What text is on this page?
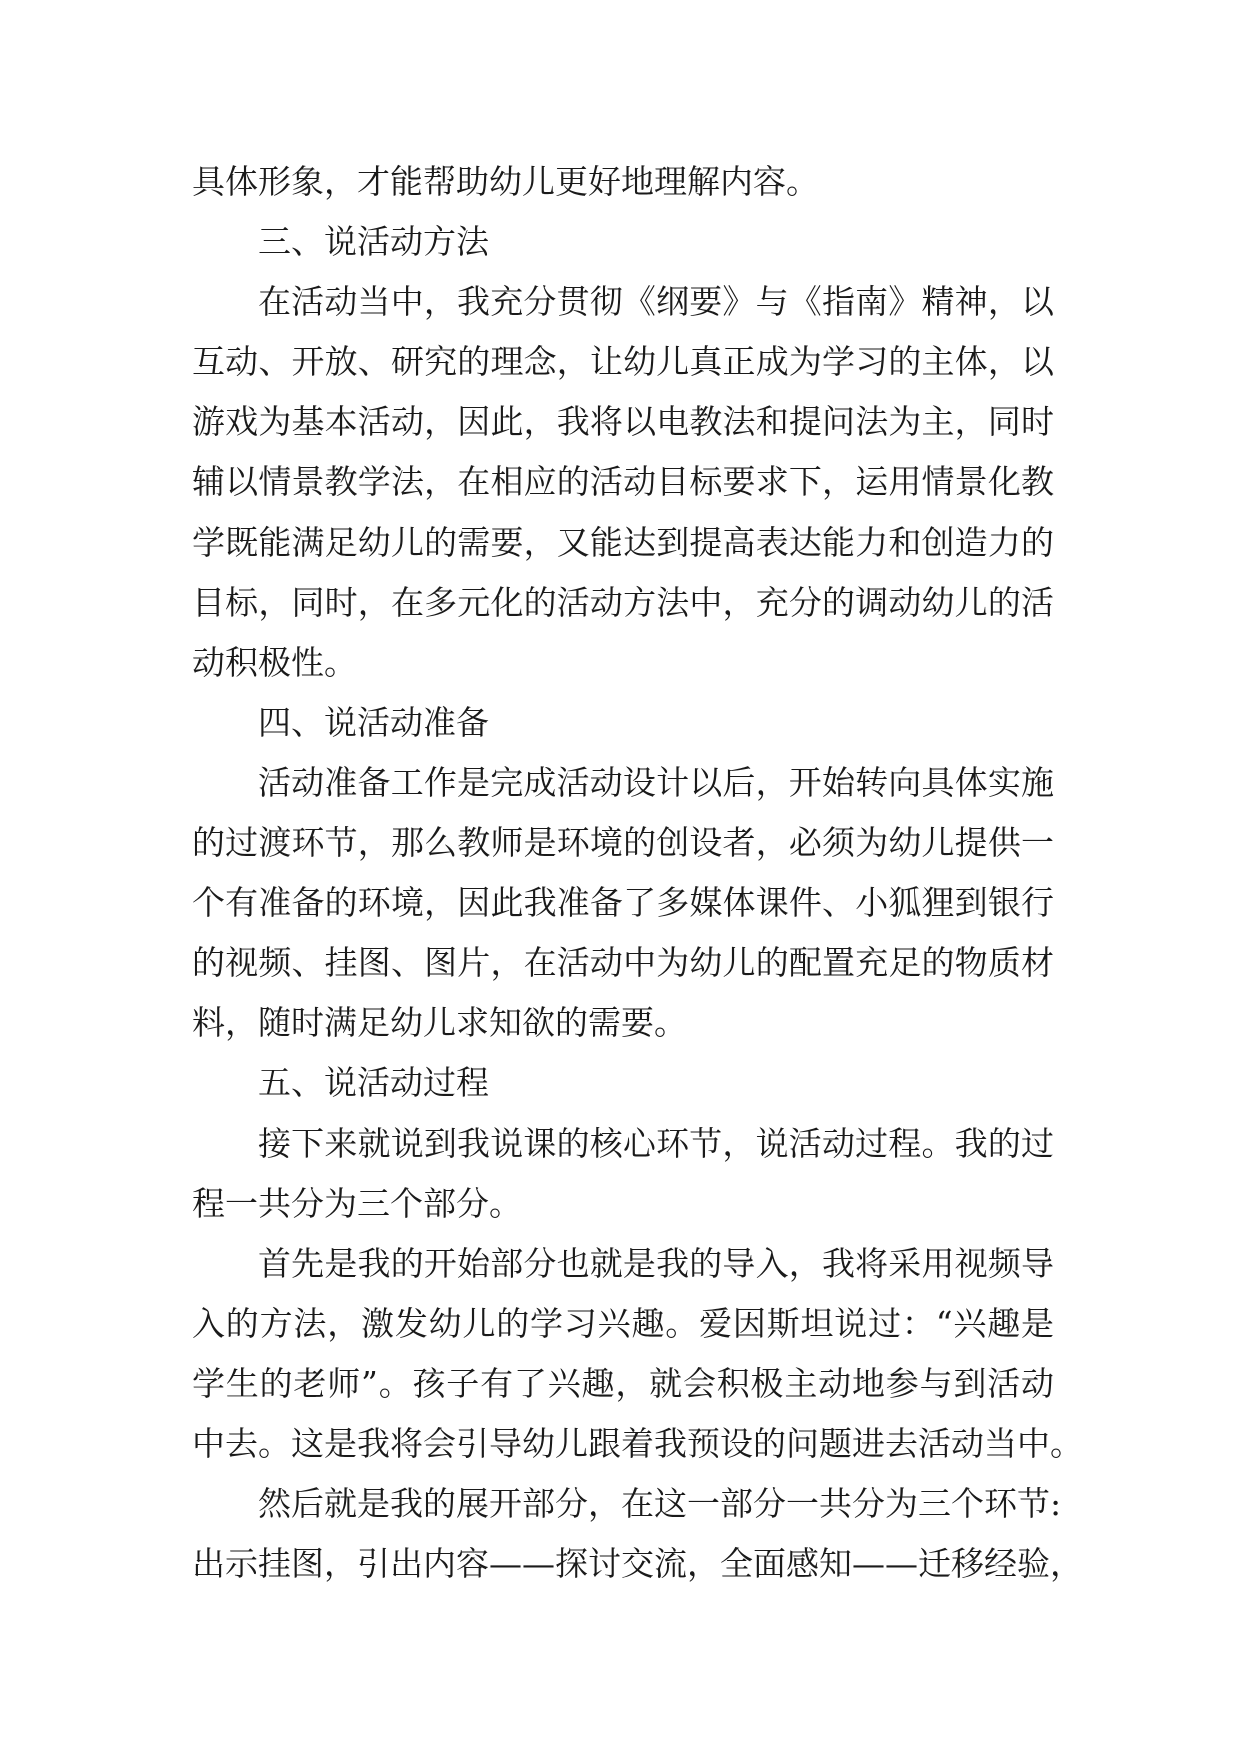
具体形象，才能帮助幼儿更好地理解内容。
三、说活动方法
在活动当中，我充分贯彻《纲要》与《指南》精神，以
互动、开放、研究的理念，让幼儿真正成为学习的主体，以
游戏为基本活动，因此，我将以电教法和提问法为主，同时
辅以情景教学法，在相应的活动目标要求下，运用情景化教
学既能满足幼儿的需要，又能达到提高表达能力和创造力的
目标，同时，在多元化的活动方法中，充分的调动幼儿的活
动积极性。
四、说活动准备
活动准备工作是完成活动设计以后，开始转向具体实施
的过渡环节，那么教师是环境的创设者，必须为幼儿提供一
个有准备的环境，因此我准备了多媒体课件、小狐狸到银行
的视频、挂图、图片，在活动中为幼儿的配置充足的物质材
料，随时满足幼儿求知欲的需要。
五、说活动过程
接下来就说到我说课的核心环节，说活动过程。我的过
程一共分为三个部分。
首先是我的开始部分也就是我的导入，我将采用视频导
入的方法，激发幼儿的学习兴趣。爱因斯坦说过：“兴趣是
学生的老师”。孩子有了兴趣，就会积极主动地参与到活动
中去。这是我将会引导幼儿跟着我预设的问题进去活动当中。
然后就是我的展开部分，在这一部分一共分为三个环节:
出示挂图，引出内容——探讨交流，全面感知——迁移经验，
